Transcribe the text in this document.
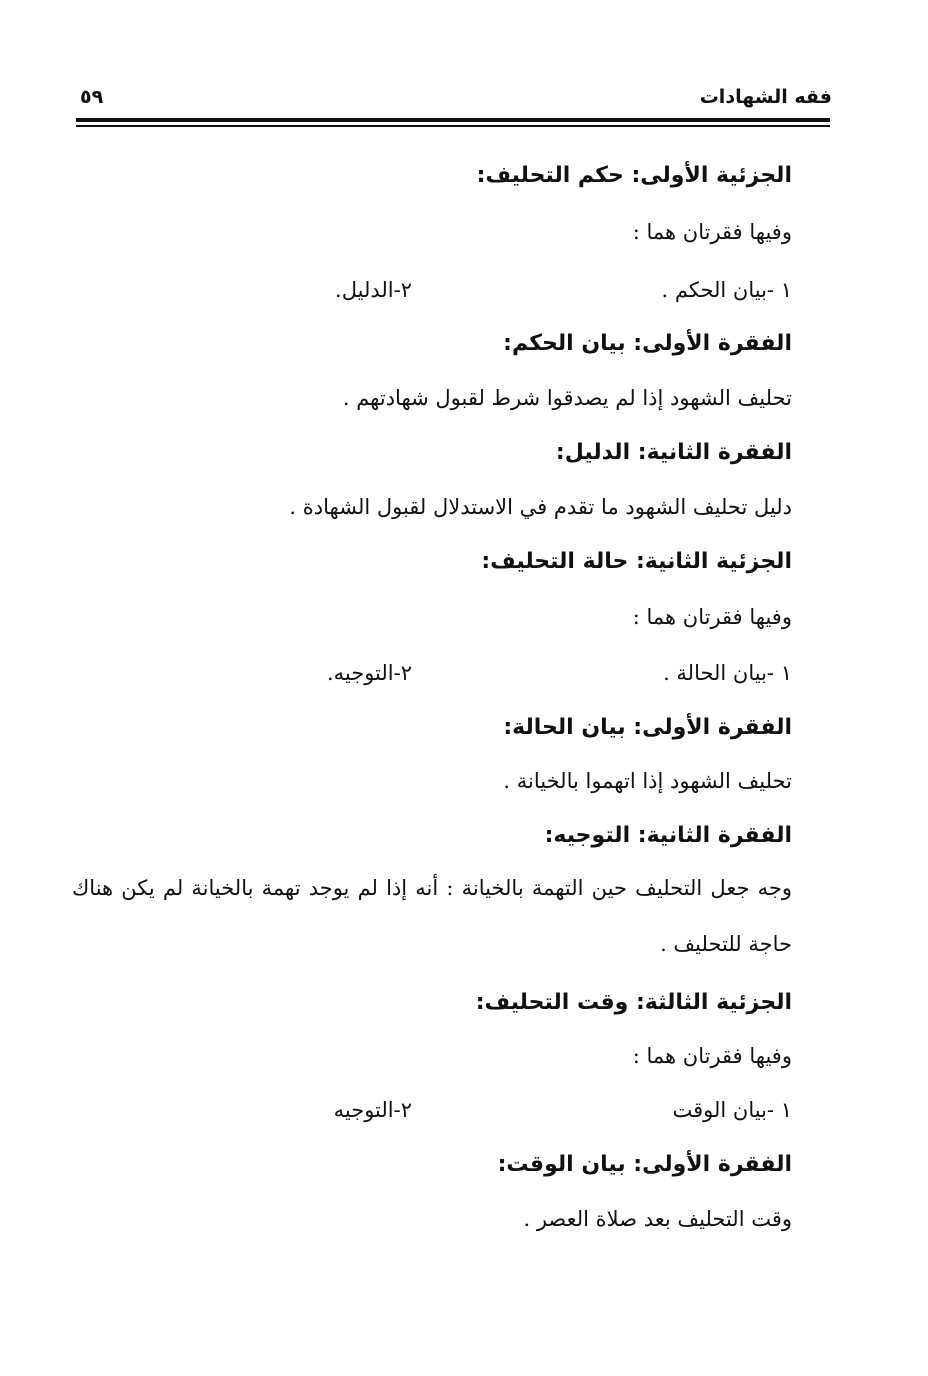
فقه الشهادات
٥٩
الجزئية الأولى: حكم التحليف:
وفيها فقرتان هما :
١ -بيان الحكم .
٢-الدليل.
الفقرة الأولى: بيان الحكم:
تحليف الشهود إذا لم يصدقوا شرط لقبول شهادتهم .
الفقرة الثانية: الدليل:
دليل تحليف الشهود ما تقدم في الاستدلال لقبول الشهادة .
الجزئية الثانية: حالة التحليف:
وفيها فقرتان هما :
١ -بيان الحالة .
٢-التوجيه.
الفقرة الأولى: بيان الحالة:
تحليف الشهود إذا اتهموا بالخيانة .
الفقرة الثانية: التوجيه:
وجه جعل التحليف حين التهمة بالخيانة : أنه إذا لم يوجد تهمة بالخيانة لم يكن هناك حاجة للتحليف .
الجزئية الثالثة: وقت التحليف:
وفيها فقرتان هما :
١ -بيان الوقت
٢-التوجيه
الفقرة الأولى: بيان الوقت:
وقت التحليف بعد صلاة العصر .
